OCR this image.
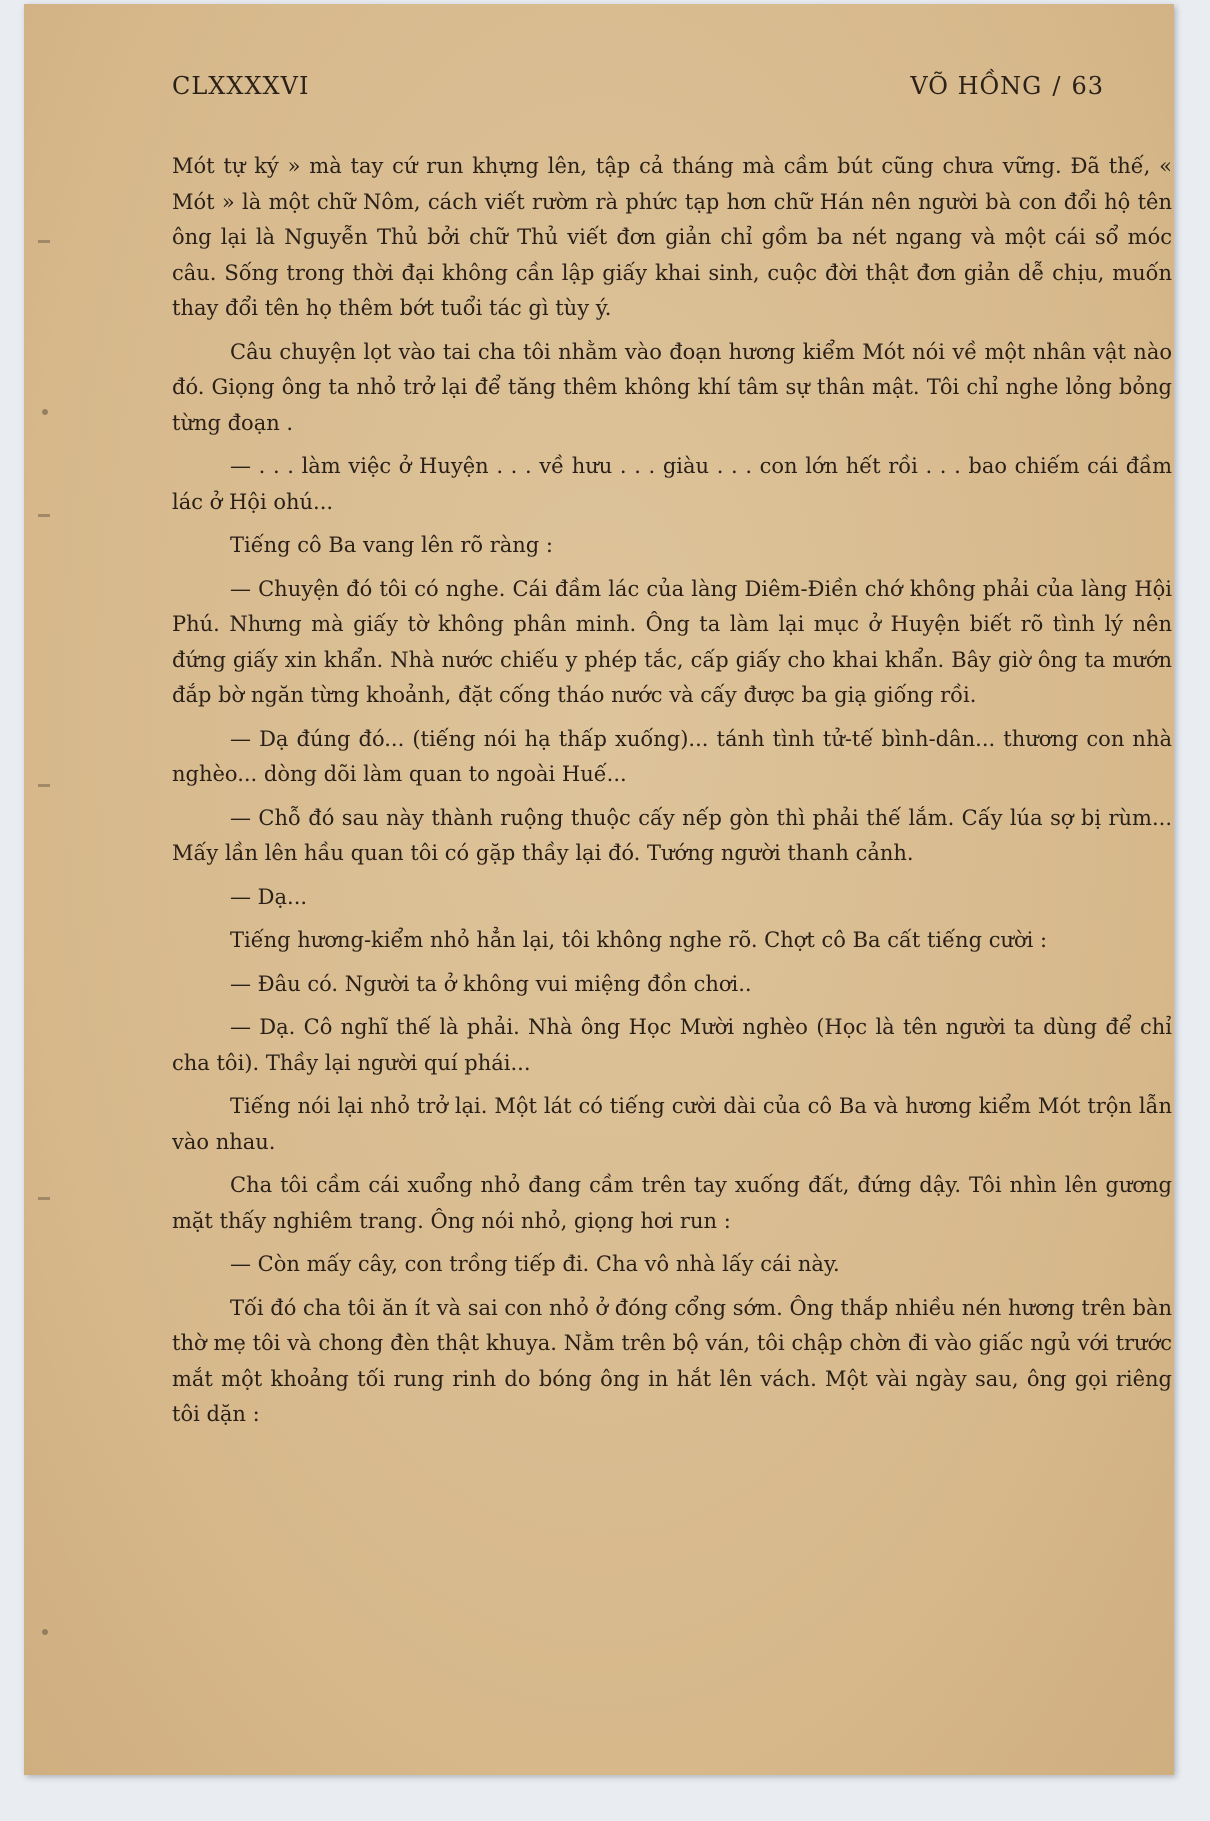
CLXXXXVI	VÕ HỒNG / 63

Mót tự ký » mà tay cứ run khựng lên, tập cả tháng mà cầm bút cũng chưa vững. Đã thế, « Mót » là một chữ Nôm, cách viết rườm rà phức tạp hơn chữ Hán nên người bà con đổi hộ tên ông lại là Nguyễn Thủ bởi chữ Thủ viết đơn giản chỉ gồm ba nét ngang và một cái sổ móc câu. Sống trong thời đại không cần lập giấy khai sinh, cuộc đời thật đơn giản dễ chịu, muốn thay đổi tên họ thêm bớt tuổi tác gì tùy ý.

Câu chuyện lọt vào tai cha tôi nhằm vào đoạn hương kiểm Mót nói về một nhân vật nào đó. Giọng ông ta nhỏ trở lại để tăng thêm không khí tâm sự thân mật. Tôi chỉ nghe lỏng bỏng từng đoạn .

— . . . làm việc ở Huyện . . . về hưu . . . giàu . . . con lớn hết rồi . . . bao chiếm cái đầm lác ở Hội ohú...

Tiếng cô Ba vang lên rõ ràng :

— Chuyện đó tôi có nghe. Cái đầm lác của làng Diêm-Điền chớ không phải của làng Hội Phú. Nhưng mà giấy tờ không phân minh. Ông ta làm lại mục ở Huyện biết rõ tình lý nên đứng giấy xin khẩn. Nhà nước chiếu y phép tắc, cấp giấy cho khai khẩn. Bây giờ ông ta mướn đắp bờ ngăn từng khoảnh, đặt cống tháo nước và cấy được ba giạ giống rồi.

— Dạ đúng đó... (tiếng nói hạ thấp xuống)... tánh tình tử-tế bình-dân... thương con nhà nghèo... dòng dõi làm quan to ngoài Huế...

— Chỗ đó sau này thành ruộng thuộc cấy nếp gòn thì phải thế lắm. Cấy lúa sợ bị rùm... Mấy lần lên hầu quan tôi có gặp thầy lại đó. Tướng người thanh cảnh.

— Dạ...

Tiếng hương-kiểm nhỏ hẳn lại, tôi không nghe rõ. Chợt cô Ba cất tiếng cười :

— Đâu có. Người ta ở không vui miệng đồn chơi..

— Dạ. Cô nghĩ thế là phải. Nhà ông Học Mười nghèo (Học là tên người ta dùng để chỉ cha tôi). Thầy lại người quí phái...

Tiếng nói lại nhỏ trở lại. Một lát có tiếng cười dài của cô Ba và hương kiểm Mót trộn lẫn vào nhau.

Cha tôi cầm cái xuổng nhỏ đang cầm trên tay xuống đất, đứng dậy. Tôi nhìn lên gương mặt thấy nghiêm trang. Ông nói nhỏ, giọng hơi run :

— Còn mấy cây, con trồng tiếp đi. Cha vô nhà lấy cái này.

Tối đó cha tôi ăn ít và sai con nhỏ ở đóng cổng sớm. Ông thắp nhiều nén hương trên bàn thờ mẹ tôi và chong đèn thật khuya. Nằm trên bộ ván, tôi chập chờn đi vào giấc ngủ với trước mắt một khoảng tối rung rinh do bóng ông in hắt lên vách. Một vài ngày sau, ông gọi riêng tôi dặn :
